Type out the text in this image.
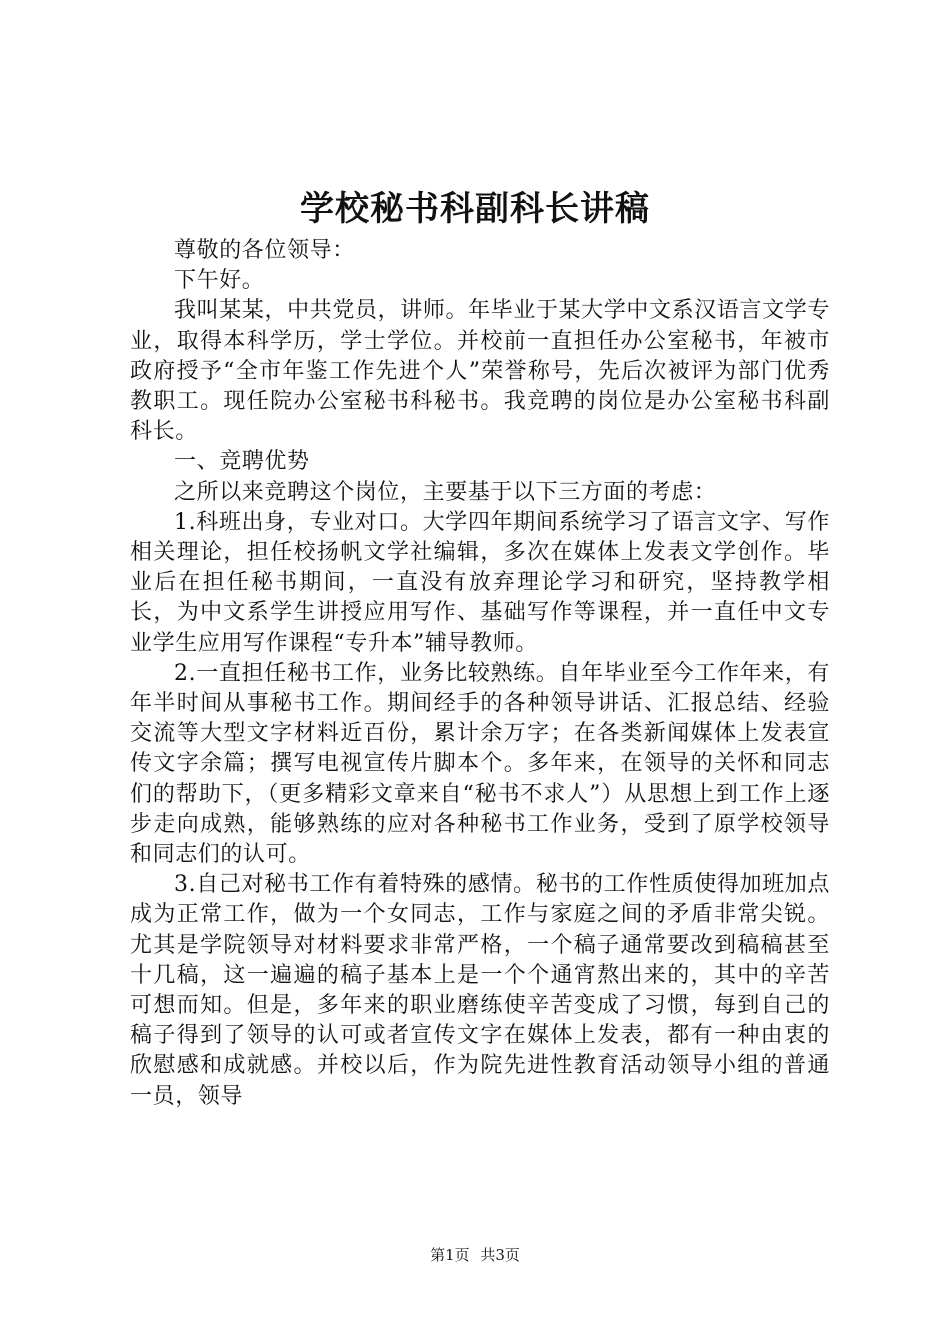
学校秘书科副科长讲稿

尊敬的各位领导：

下午好。

我叫某某，中共党员，讲师。年毕业于某大学中文系汉语言文学专业，取得本科学历，学士学位。并校前一直担任办公室秘书，年被市政府授予“全市年鉴工作先进个人”荣誉称号，先后次被评为部门优秀教职工。现任院办公室秘书科秘书。我竞聘的岗位是办公室秘书科副科长。

一、竞聘优势

之所以来竞聘这个岗位，主要基于以下三方面的考虑：

1.科班出身，专业对口。大学四年期间系统学习了语言文字、写作相关理论，担任校扬帆文学社编辑，多次在媒体上发表文学创作。毕业后在担任秘书期间，一直没有放弃理论学习和研究，坚持教学相长，为中文系学生讲授应用写作、基础写作等课程，并一直任中文专业学生应用写作课程“专升本”辅导教师。

2.一直担任秘书工作，业务比较熟练。自年毕业至今工作年来，有年半时间从事秘书工作。期间经手的各种领导讲话、汇报总结、经验交流等大型文字材料近百份，累计余万字；在各类新闻媒体上发表宣传文字余篇；撰写电视宣传片脚本个。多年来，在领导的关怀和同志们的帮助下，（更多精彩文章来自“秘书不求人”）从思想上到工作上逐步走向成熟，能够熟练的应对各种秘书工作业务，受到了原学校领导和同志们的认可。

3.自己对秘书工作有着特殊的感情。秘书的工作性质使得加班加点成为正常工作，做为一个女同志，工作与家庭之间的矛盾非常尖锐。尤其是学院领导对材料要求非常严格，一个稿子通常要改到稿稿甚至十几稿，这一遍遍的稿子基本上是一个个通宵熬出来的，其中的辛苦可想而知。但是，多年来的职业磨练使辛苦变成了习惯，每到自己的稿子得到了领导的认可或者宣传文字在媒体上发表，都有一种由衷的欣慰感和成就感。并校以后，作为院先进性教育活动领导小组的普通一员，领导

第1页 共3页
